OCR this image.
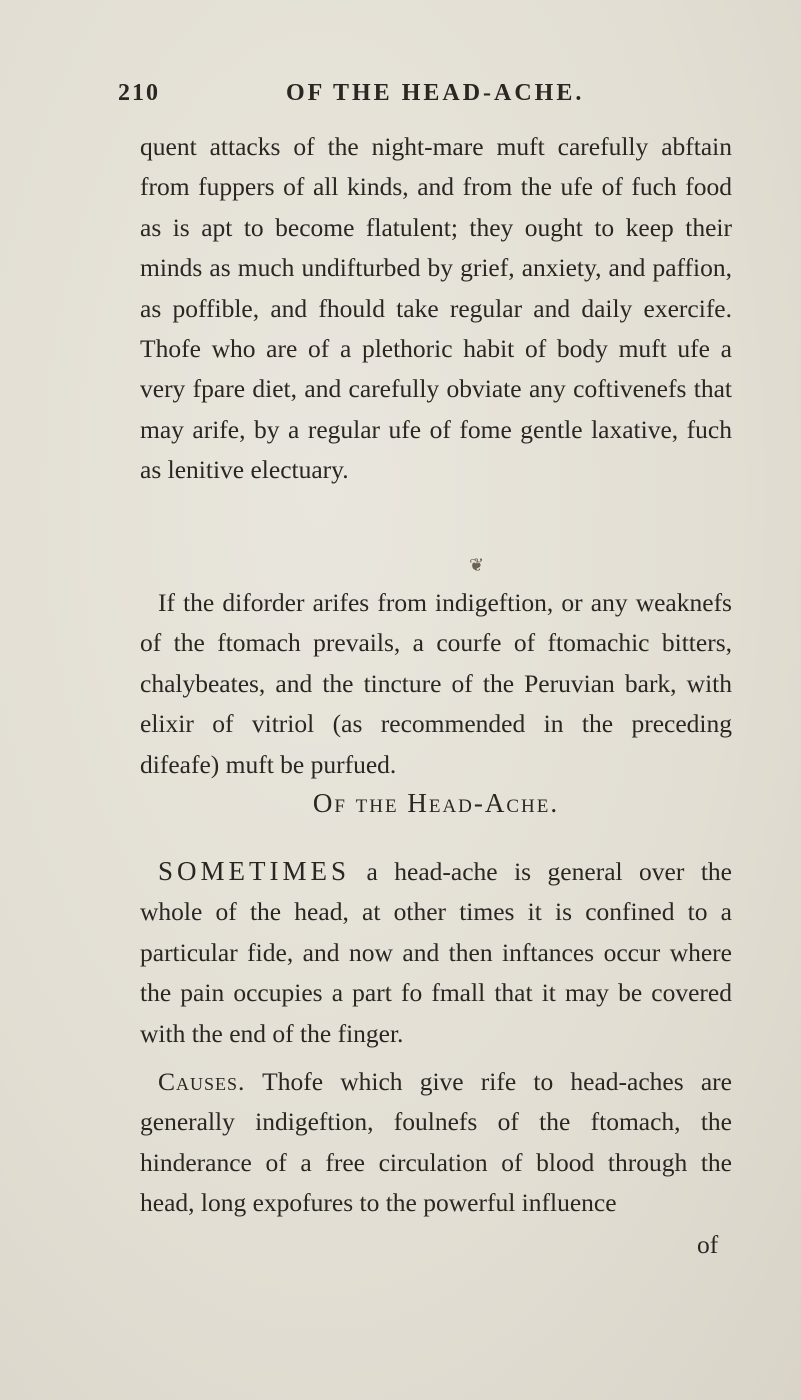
210	OF THE HEAD-ACHE.

quent attacks of the night-mare muft carefully abftain from fuppers of all kinds, and from the ufe of fuch food as is apt to become flatulent; they ought to keep their minds as much undifturbed by grief, anxiety, and paffion, as poffible, and fhould take regular and daily exercife. Thofe who are of a plethoric habit of body muft ufe a very fpare diet, and carefully obviate any coftivenefs that may arife, by a regular ufe of fome gentle laxative, fuch as lenitive electuary.

❦

If the diforder arifes from indigeftion, or any weaknefs of the ftomach prevails, a courfe of ftomachic bitters, chalybeates, and the tincture of the Peruvian bark, with elixir of vitriol (as recommended in the preceding difeafe) muft be purfued.

Of the Head-Ache.

SOMETIMES a head-ache is general over the whole of the head, at other times it is confined to a particular fide, and now and then inftances occur where the pain occupies a part fo fmall that it may be covered with the end of the finger.

Causes. Thofe which give rife to head-aches are generally indigeftion, foulnefs of the ftomach, the hinderance of a free circulation of blood through the head, long expofures to the powerful influence

of
